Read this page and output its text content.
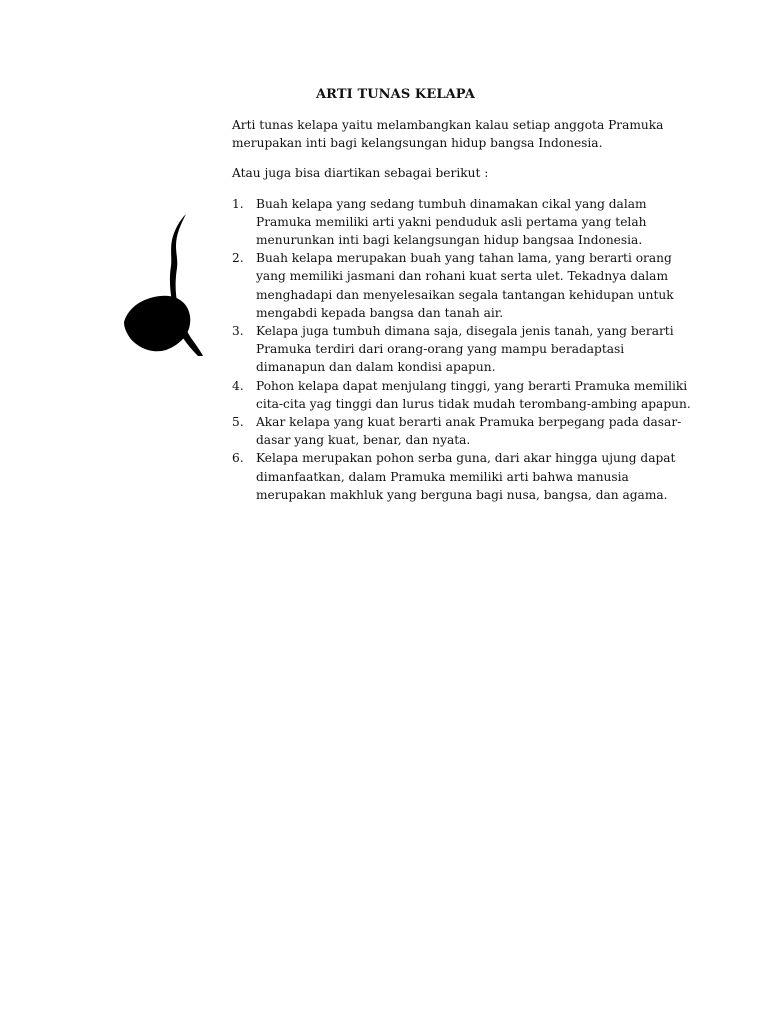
ARTI TUNAS KELAPA

Arti tunas kelapa yaitu melambangkan kalau setiap anggota Pramuka merupakan inti bagi kelangsungan hidup bangsa Indonesia.

Atau juga bisa diartikan sebagai berikut :

1. Buah kelapa yang sedang tumbuh dinamakan cikal yang dalam Pramuka memiliki arti yakni penduduk asli pertama yang telah menurunkan inti bagi kelangsungan hidup bangsaa Indonesia.
2. Buah kelapa merupakan buah yang tahan lama, yang berarti orang yang memiliki jasmani dan rohani kuat serta ulet. Tekadnya dalam menghadapi dan menyelesaikan segala tantangan kehidupan untuk mengabdi kepada bangsa dan tanah air.
3. Kelapa juga tumbuh dimana saja, disegala jenis tanah, yang berarti Pramuka terdiri dari orang-orang yang mampu beradaptasi dimanapun dan dalam kondisi apapun.
4. Pohon kelapa dapat menjulang tinggi, yang berarti Pramuka memiliki cita-cita yag tinggi dan lurus tidak mudah terombang-ambing apapun.
5. Akar kelapa yang kuat berarti anak Pramuka berpegang pada dasar-dasar yang kuat, benar, dan nyata.
6. Kelapa merupakan pohon serba guna, dari akar hingga ujung dapat dimanfaatkan, dalam Pramuka memiliki arti bahwa manusia merupakan makhluk yang berguna bagi nusa, bangsa, dan agama.
